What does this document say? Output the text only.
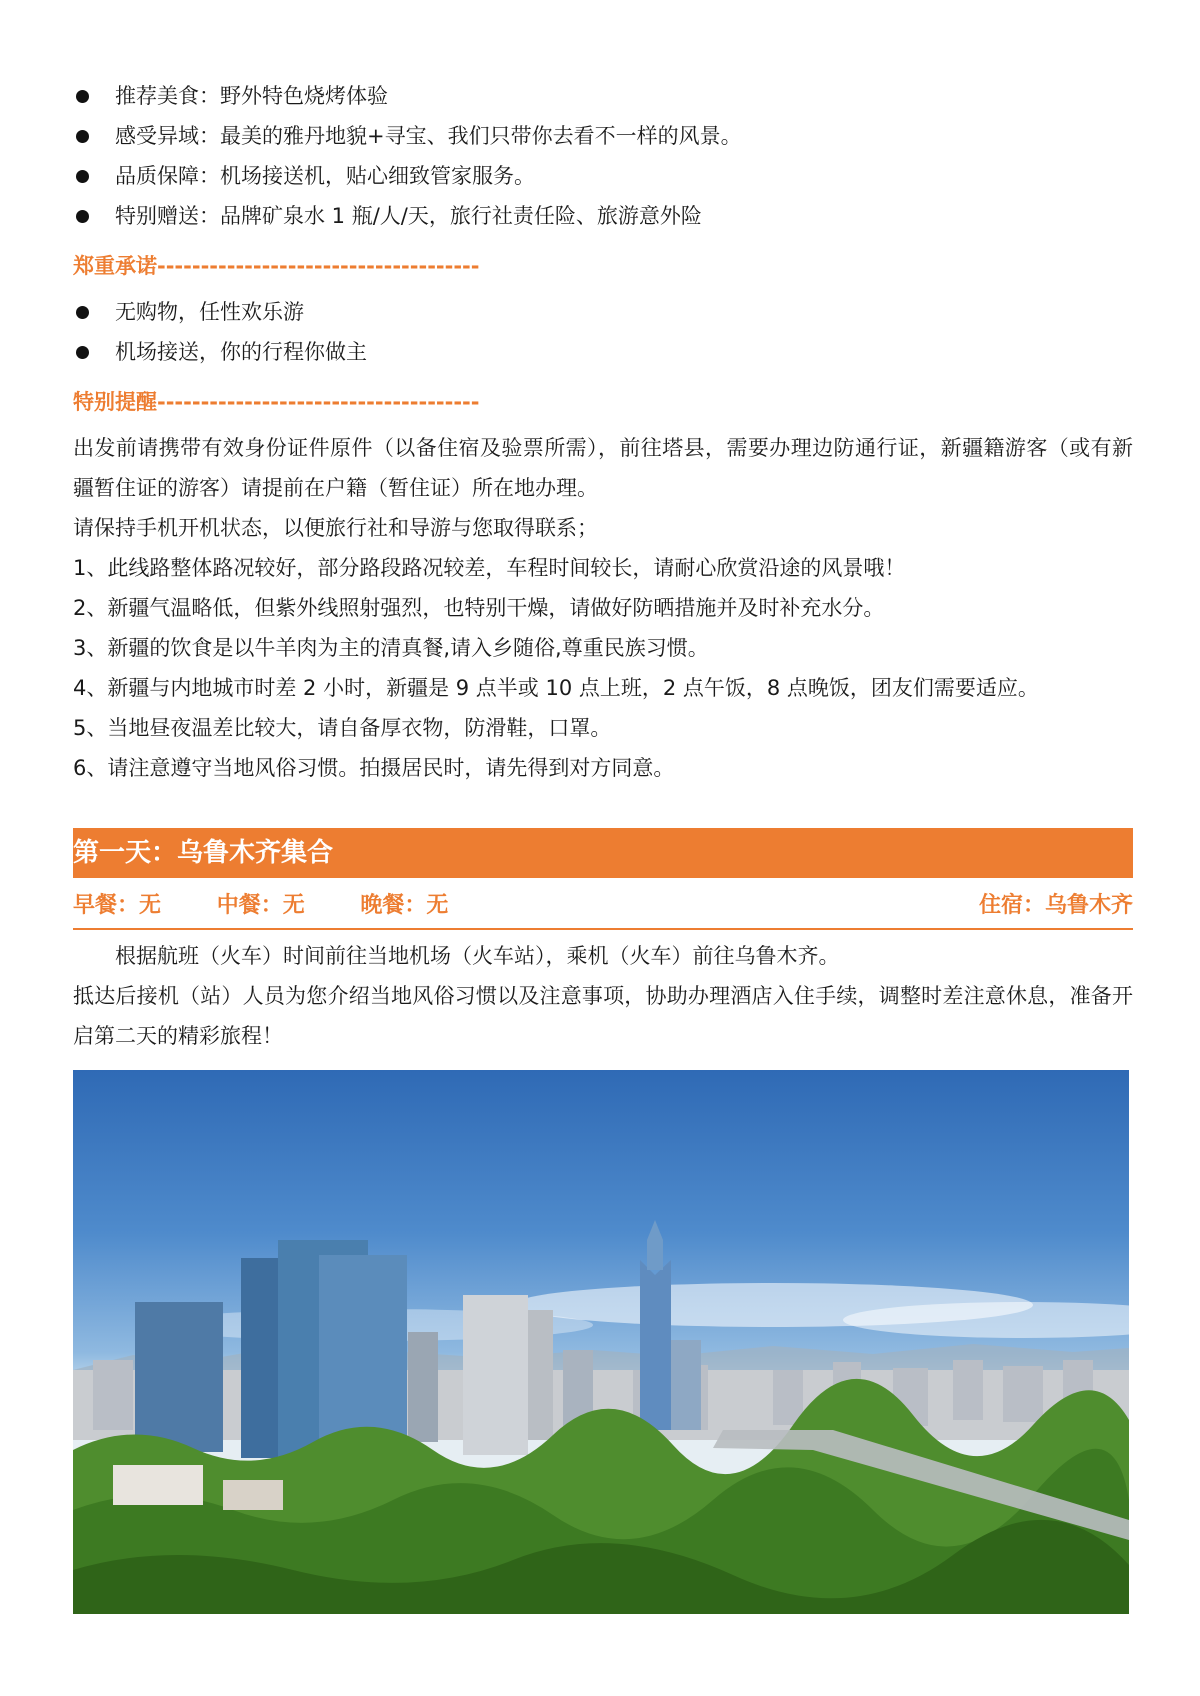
推荐美食：野外特色烧烤体验
感受异域：最美的雅丹地貌+寻宝、我们只带你去看不一样的风景。
品质保障：机场接送机，贴心细致管家服务。
特别赠送：品牌矿泉水 1 瓶/人/天，旅行社责任险、旅游意外险
郑重承诺-------------------------------------
无购物，任性欢乐游
机场接送，你的行程你做主
特别提醒-------------------------------------

出发前请携带有效身份证件原件（以备住宿及验票所需），前往塔县，需要办理边防通行证，新疆籍游客（或有新疆暂住证的游客）请提前在户籍（暂住证）所在地办理。

请保持手机开机状态，以便旅行社和导游与您取得联系；

1、此线路整体路况较好，部分路段路况较差，车程时间较长，请耐心欣赏沿途的风景哦！

2、新疆气温略低，但紫外线照射强烈，也特别干燥，请做好防晒措施并及时补充水分。

3、新疆的饮食是以牛羊肉为主的清真餐,请入乡随俗,尊重民族习惯。

4、新疆与内地城市时差 2 小时，新疆是 9 点半或 10 点上班，2 点午饭，8 点晚饭，团友们需要适应。

5、当地昼夜温差比较大，请自备厚衣物，防滑鞋，口罩。

6、请注意遵守当地风俗习惯。拍摄居民时，请先得到对方同意。

第一天：乌鲁木齐集合
早餐：无	中餐：无	晚餐：无	住宿：乌鲁木齐

根据航班（火车）时间前往当地机场（火车站），乘机（火车）前往乌鲁木齐。

抵达后接机（站）人员为您介绍当地风俗习惯以及注意事项，协助办理酒店入住手续，调整时差注意休息，准备开启第二天的精彩旅程！
